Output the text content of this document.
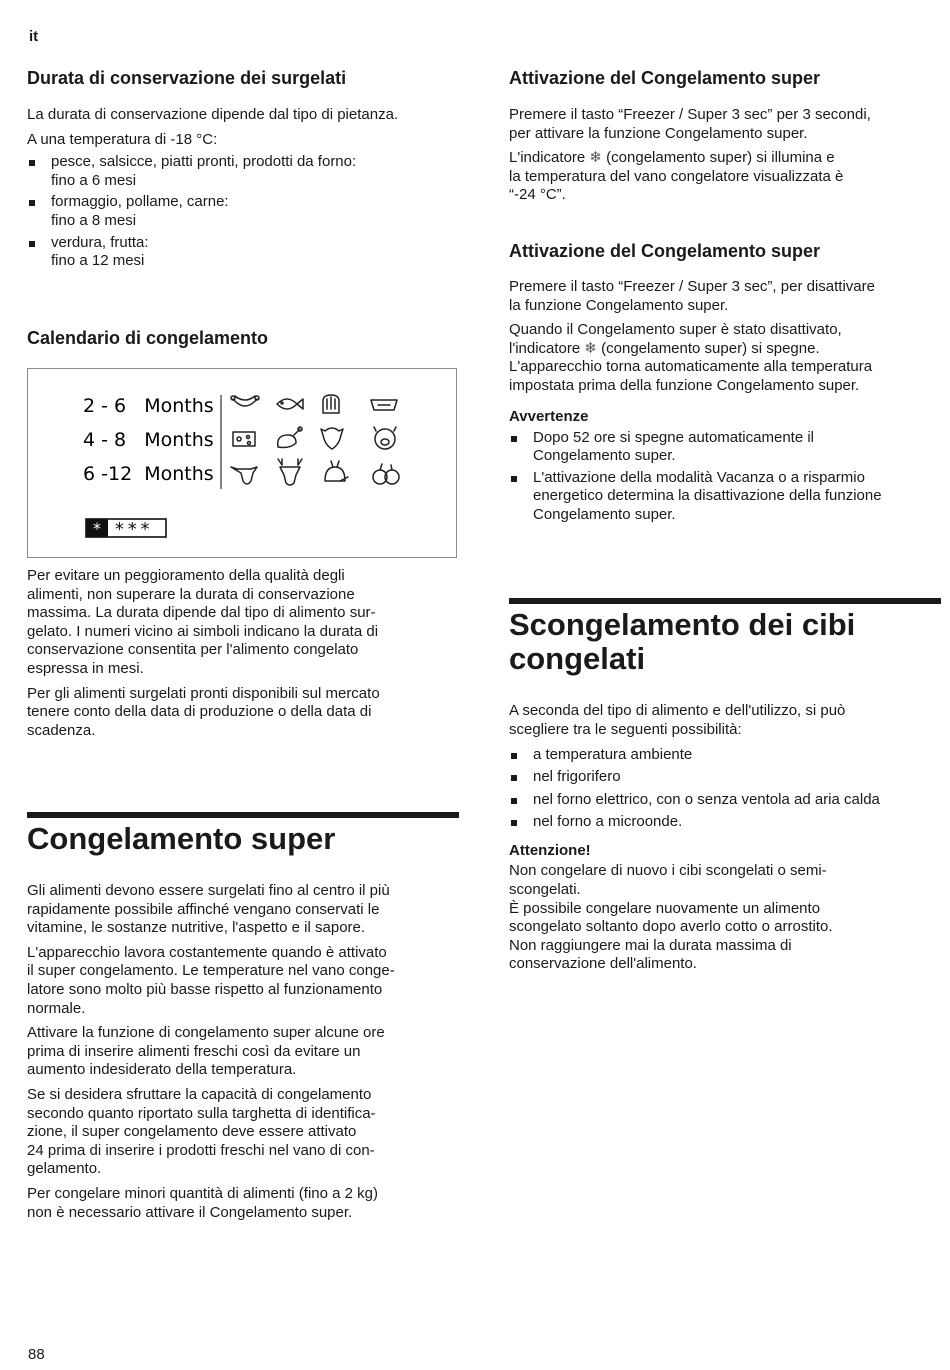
it
Durata di conservazione dei surgelati

La durata di conservazione dipende dal tipo di pietanza.

A una temperatura di -18 °C:

pesce, salsicce, piatti pronti, prodotti da forno:
fino a 6 mesi
formaggio, pollame, carne:
fino a 8 mesi
verdura, frutta:
fino a 12 mesi
Calendario di congelamento
2 - 6   Months
4 - 8   Months
6 -12  Months
* ***

Per evitare un peggioramento della qualità degli
alimenti, non superare la durata di conservazione
massima. La durata dipende dal tipo di alimento sur-
gelato. I numeri vicino ai simboli indicano la durata di
conservazione consentita per l'alimento congelato
espressa in mesi.

Per gli alimenti surgelati pronti disponibili sul mercato
tenere conto della data di produzione o della data di
scadenza.

Congelamento super

Gli alimenti devono essere surgelati fino al centro il più
rapidamente possibile affinché vengano conservati le
vitamine, le sostanze nutritive, l'aspetto e il sapore.

L'apparecchio lavora costantemente quando è attivato
il super congelamento. Le temperature nel vano conge-
latore sono molto più basse rispetto al funzionamento
normale.

Attivare la funzione di congelamento super alcune ore
prima di inserire alimenti freschi così da evitare un
aumento indesiderato della temperatura.

Se si desidera sfruttare la capacità di congelamento
secondo quanto riportato sulla targhetta di identifica-
zione, il super congelamento deve essere attivato
24 prima di inserire i prodotti freschi nel vano di con-
gelamento.

Per congelare minori quantità di alimenti (fino a 2 kg)
non è necessario attivare il Congelamento super.

Attivazione del Congelamento super

Premere il tasto “Freezer / Super 3 sec” per 3 secondi,
per attivare la funzione Congelamento super.

L'indicatore ❄ (congelamento super) si illumina e
la temperatura del vano congelatore visualizzata è
“-24 °C”.

Attivazione del Congelamento super

Premere il tasto “Freezer / Super 3 sec”, per disattivare
la funzione Congelamento super.

Quando il Congelamento super è stato disattivato,
l'indicatore ❄ (congelamento super) si spegne.
L'apparecchio torna automaticamente alla temperatura
impostata prima della funzione Congelamento super.

Avvertenze
Dopo 52 ore si spegne automaticamente il
Congelamento super.
L'attivazione della modalità Vacanza o a risparmio
energetico determina la disattivazione della funzione
Congelamento super.
Scongelamento dei cibi
congelati

A seconda del tipo di alimento e dell'utilizzo, si può
scegliere tra le seguenti possibilità:

a temperatura ambiente
nel frigorifero
nel forno elettrico, con o senza ventola ad aria calda
nel forno a microonde.
Attenzione!

Non congelare di nuovo i cibi scongelati o semi-
scongelati.
È possibile congelare nuovamente un alimento
scongelato soltanto dopo averlo cotto o arrostito.
Non raggiungere mai la durata massima di
conservazione dell'alimento.

88
